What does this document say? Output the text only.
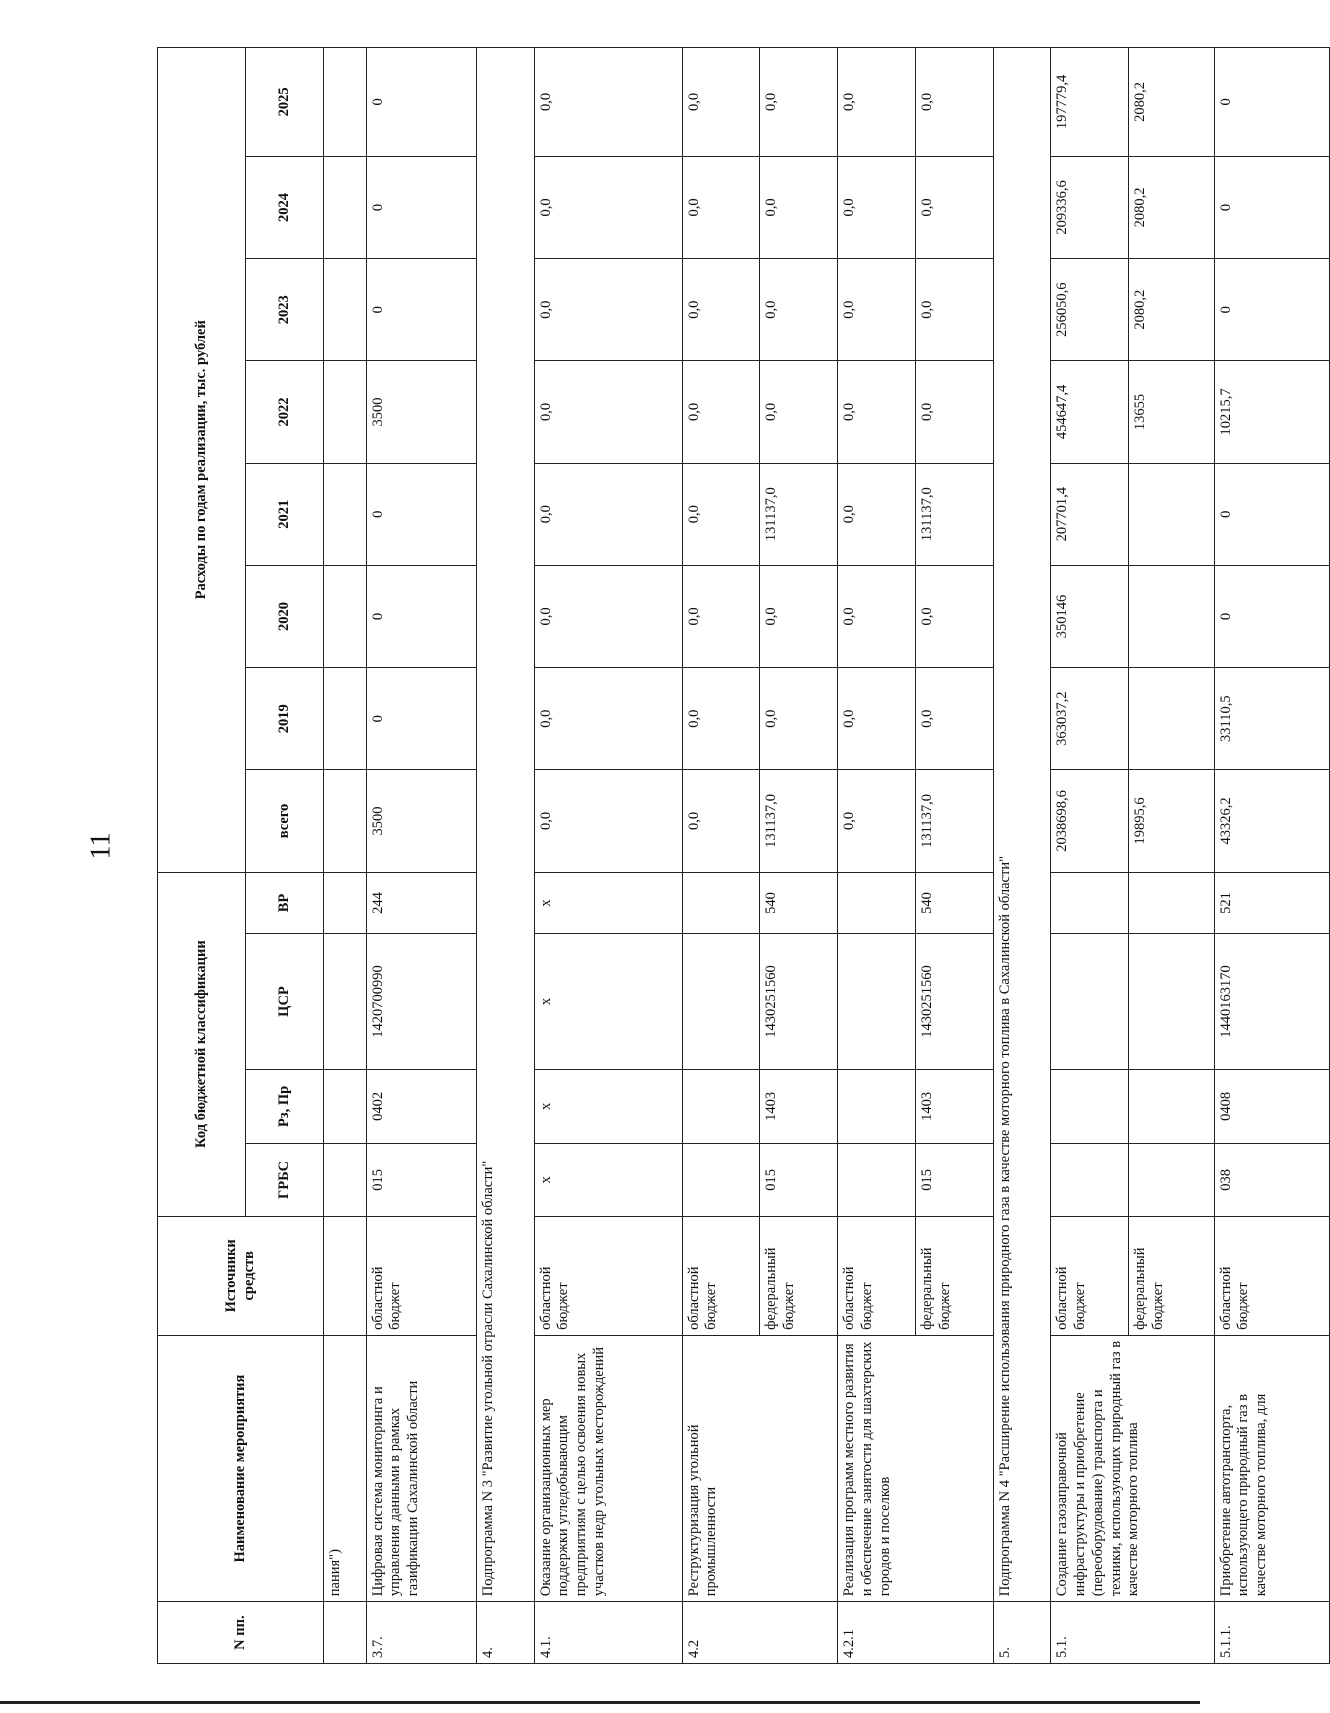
11
N пп.	Наименование мероприятия	Источники средств	Код бюджетной классификации				Расходы по годам реализации, тыс. рублей							
			ГРБС	Рз, Пр	ЦСР	ВР	всего	2019	2020	2021	2022	2023	2024	2025
	пания")													
3.7.	Цифровая система мониторинга и управления данными в рамках газификации Сахалинской области	областной бюджет	015	0402	1420700990	244	3500	0	0	0	3500	0	0	0
4.	Подпрограмма N 3 "Развитие угольной отрасли Сахалинской области"													
4.1.	Оказание организационных мер поддержки угледобывающим предприятиям с целью освоения новых участков недр угольных месторождений	областной бюджет	x	x	x	x	0,0	0,0	0,0	0,0	0,0	0,0	0,0	0,0
4.2	Реструктуризация угольной промышленности	областной бюджет					0,0	0,0	0,0	0,0	0,0	0,0	0,0	0,0
		федеральный бюджет	015	1403	1430251560	540	131137,0	0,0	0,0	131137,0	0,0	0,0	0,0	0,0
4.2.1	Реализация программ местного развития и обеспечение занятости для шахтерских городов и поселков	областной бюджет					0,0	0,0	0,0	0,0	0,0	0,0	0,0	0,0
		федеральный бюджет	015	1403	1430251560	540	131137,0	0,0	0,0	131137,0	0,0	0,0	0,0	0,0
5.	Подпрограмма N 4 "Расширение использования природного газа в качестве моторного топлива в Сахалинской области"													
5.1.	Создание газозаправочной инфраструктуры и приобретение (переоборудование) транспорта и техники, использующих природный газ в качестве моторного топлива	областной бюджет					2038698,6	363037,2	350146	207701,4	454647,4	256050,6	209336,6	197779,4
		федеральный бюджет					19895,6				13655	2080,2	2080,2	2080,2
5.1.1.	Приобретение автотранспорта, использующего природный газ в качестве моторного топлива, для	областной бюджет	038	0408	1440163170	521	43326,2	33110,5	0	0	10215,7	0	0	0
